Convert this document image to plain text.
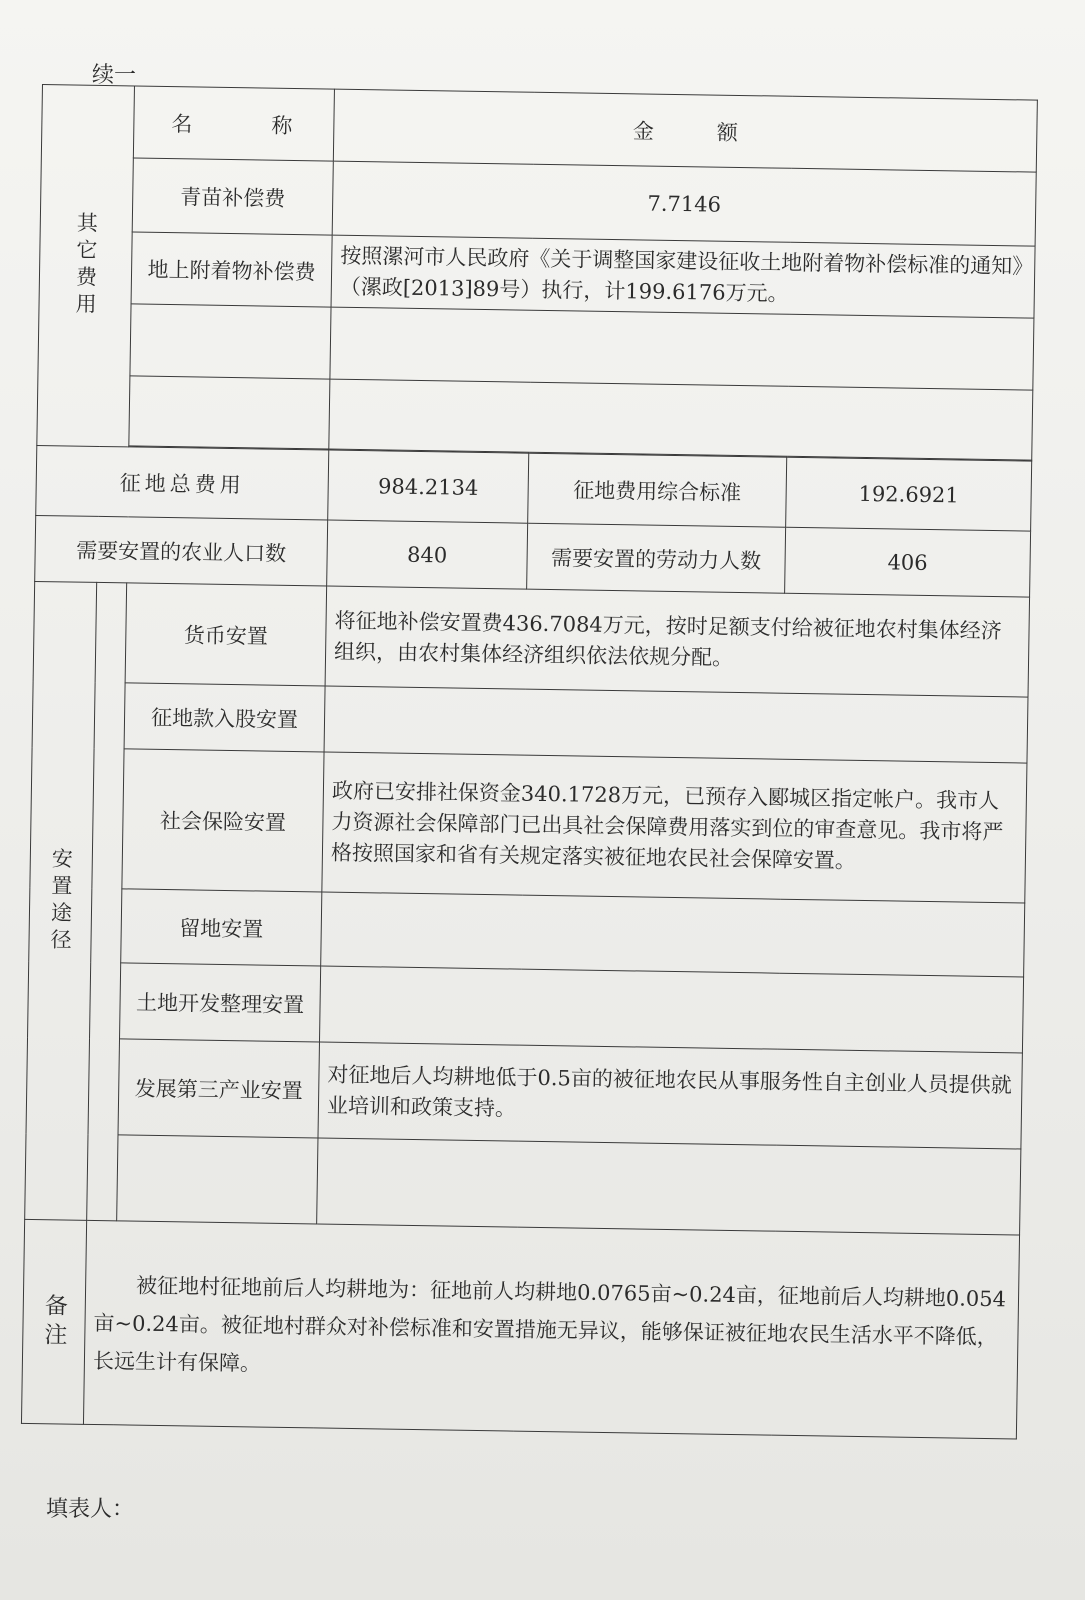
续一
其它费用		名　　　称	金　　　额		
		青苗补偿费	7.7146		
		地上附着物补偿费	按照漯河市人民政府《关于调整国家建设征收土地附着物补偿标准的通知》（漯政[2013]89号）执行，计199.6176万元。		

征地总费用			984.2134	征地费用综合标准	192.6921
需要安置的农业人口数			840	需要安置的劳动力人数	406
安置途径		货币安置	将征地补偿安置费436.7084万元，按时足额支付给被征地农村集体经济组织，由农村集体经济组织依法依规分配。		
		征地款入股安置			
		社会保险安置	政府已安排社保资金340.1728万元，已预存入郾城区指定帐户。我市人力资源社会保障部门已出具社会保障费用落实到位的审查意见。我市将严格按照国家和省有关规定落实被征地农民社会保障安置。		
		留地安置			
		土地开发整理安置			
		发展第三产业安置	对征地后人均耕地低于0.5亩的被征地农民从事服务性自主创业人员提供就业培训和政策支持。		

备注	被征地村征地前后人均耕地为：征地前人均耕地0.0765亩~0.24亩，征地前后人均耕地0.054亩~0.24亩。被征地村群众对补偿标准和安置措施无异议，能够保证被征地农民生活水平不降低，长远生计有保障。				
填表人：
